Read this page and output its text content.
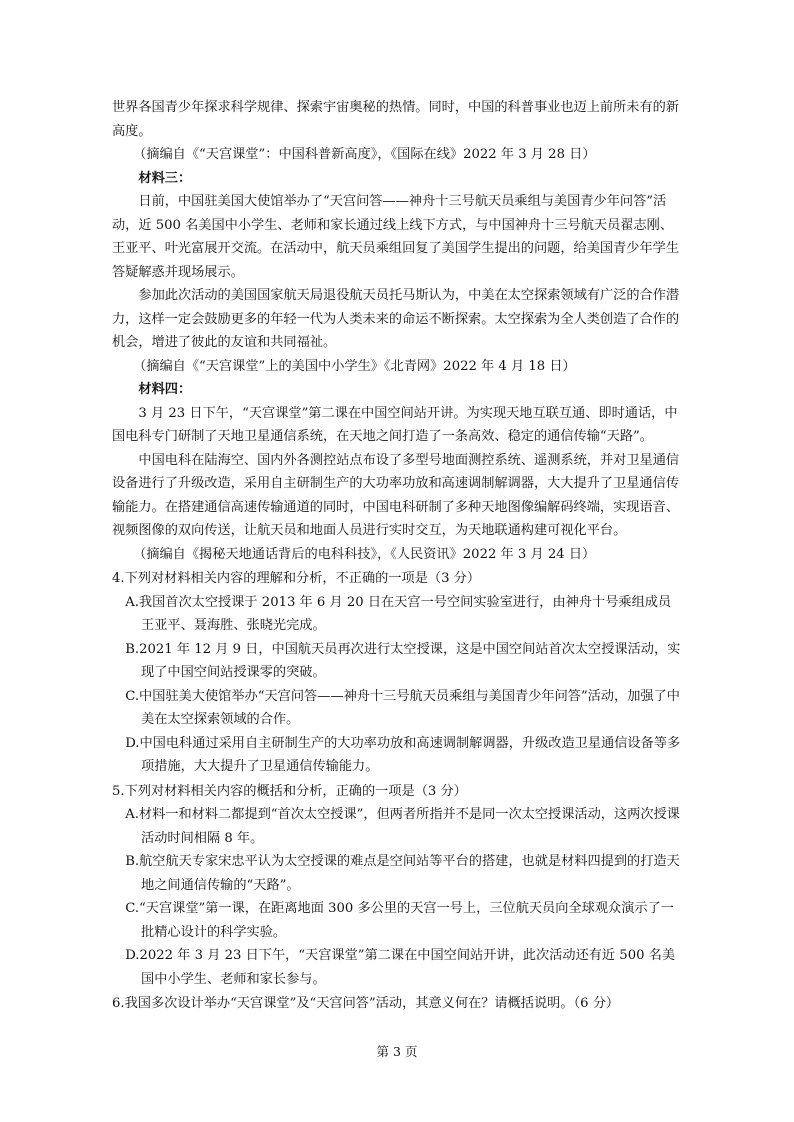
世界各国青少年探求科学规律、探索宇宙奥秘的热情。同时，中国的科普事业也迈上前所未有的新高度。

（摘编自《“天宫课堂”：中国科普新高度》，《国际在线》2022 年 3 月 28 日）

材料三：

日前，中国驻美国大使馆举办了“天宫问答——神舟十三号航天员乘组与美国青少年问答”活动，近 500 名美国中小学生、老师和家长通过线上线下方式，与中国神舟十三号航天员翟志刚、王亚平、叶光富展开交流。在活动中，航天员乘组回复了美国学生提出的问题，给美国青少年学生答疑解惑并现场展示。

参加此次活动的美国国家航天局退役航天员托马斯认为，中美在太空探索领域有广泛的合作潜力，这样一定会鼓励更多的年轻一代为人类未来的命运不断探索。太空探索为全人类创造了合作的机会，增进了彼此的友谊和共同福祉。

（摘编自《“天宫课堂”上的美国中小学生》《北青网》2022 年 4 月 18 日）

材料四：

3 月 23 日下午，“天宫课堂”第二课在中国空间站开讲。为实现天地互联互通、即时通话，中国电科专门研制了天地卫星通信系统，在天地之间打造了一条高效、稳定的通信传输“天路”。

中国电科在陆海空、国内外各测控站点布设了多型号地面测控系统、遥测系统，并对卫星通信设备进行了升级改造，采用自主研制生产的大功率功放和高速调制解调器，大大提升了卫星通信传输能力。在搭建通信高速传输通道的同时，中国电科研制了多种天地图像编解码终端，实现语音、视频图像的双向传送，让航天员和地面人员进行实时交互，为天地联通构建可视化平台。

（摘编自《揭秘天地通话背后的电科科技》，《人民资讯》2022 年 3 月 24 日）

4.下列对材料相关内容的理解和分析，不正确的一项是（3 分）

A.我国首次太空授课于 2013 年 6 月 20 日在天宫一号空间实验室进行，由神舟十号乘组成员王亚平、聂海胜、张晓光完成。

B.2021 年 12 月 9 日，中国航天员再次进行太空授课，这是中国空间站首次太空授课活动，实现了中国空间站授课零的突破。

C.中国驻美大使馆举办“天宫问答——神舟十三号航天员乘组与美国青少年问答”活动，加强了中美在太空探索领域的合作。

D.中国电科通过采用自主研制生产的大功率功放和高速调制解调器，升级改造卫星通信设备等多项措施，大大提升了卫星通信传输能力。

5.下列对材料相关内容的概括和分析，正确的一项是（3 分）

A.材料一和材料二都提到“首次太空授课”，但两者所指并不是同一次太空授课活动，这两次授课活动时间相隔 8 年。

B.航空航天专家宋忠平认为太空授课的难点是空间站等平台的搭建，也就是材料四提到的打造天地之间通信传输的“天路”。

C.“天宫课堂”第一课，在距离地面 300 多公里的天宫一号上，三位航天员向全球观众演示了一批精心设计的科学实验。

D.2022 年 3 月 23 日下午，“天宫课堂”第二课在中国空间站开讲，此次活动还有近 500 名美国中小学生、老师和家长参与。

6.我国多次设计举办“天宫课堂”及“天宫问答”活动，其意义何在？请概括说明。（6 分）

第 3 页
